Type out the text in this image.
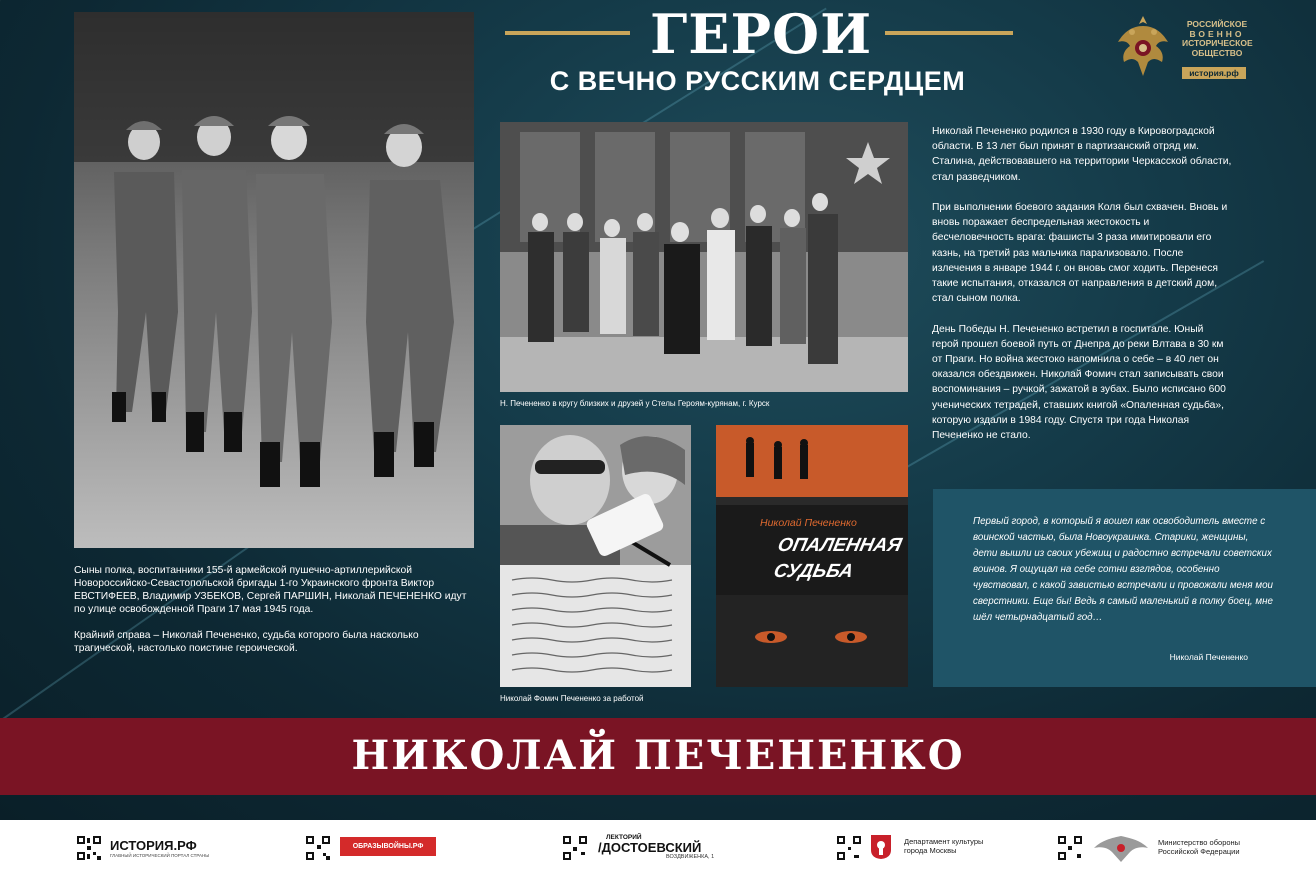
ГЕРОИ
С ВЕЧНО РУССКИМ СЕРДЦЕМ
РОССИЙСКОЕ
ВОЕННО
ИСТОРИЧЕСКОЕ
ОБЩЕСТВО
история.рф

Сыны полка, воспитанники 155-й армейской пушечно-артиллерийской Новороссийско-Севастопольской бригады 1-го Украинского фронта Виктор ЕВСТИФЕЕВ, Владимир УЗБЕКОВ, Сергей ПАРШИН, Николай ПЕЧЕНЕНКО идут по улице освобожденной Праги 17 мая 1945 года.

Крайний справа – Николай Печененко, судьба которого была насколько трагической, настолько поистине героической.

Н. Печененко в кругу близких и друзей у Стелы Героям-курянам, г. Курск
Николай Фомич Печененко за работой
Николай Печененко
ОПАЛЕННАЯ
СУДЬБА

Николай Печененко родился в 1930 году в Кировоградской области. В 13 лет был принят в партизанский отряд им. Сталина, действовавшего на территории Черкасской области, стал разведчиком.

При выполнении боевого задания Коля был схвачен. Вновь и вновь поражает беспредельная жестокость и бесчеловечность врага: фашисты 3 раза имитировали его казнь, на третий раз мальчика парализовало. После излечения в январе 1944 г. он вновь смог ходить. Перенеся такие испытания, отказался от направления в детский дом, стал сыном полка.

День Победы Н. Печененко встретил в госпитале. Юный герой прошел боевой путь от Днепра до реки Влтава в 30 км от Праги. Но война жестоко напомнила о себе – в 40 лет он оказался обездвижен. Николай Фомич стал записывать свои воспоминания – ручкой, зажатой в зубах. Было исписано 600 ученических тетрадей, ставших книгой «Опаленная судьба», которую издали в 1984 году. Спустя три года Николая Печененко не стало.

Первый город, в который я вошел как освободитель вместе с воинской частью, была Новоукраинка. Старики, женщины, дети вышли из своих убежищ и радостно встречали советских воинов. Я ощущал на себе сотни взглядов, особенно чувствовал, с какой завистью встречали и провожали меня мои сверстники. Еще бы! Ведь я самый маленький в полку боец, мне шёл четырнадцатый год…
Николай Печененко
НИКОЛАЙ ПЕЧЕНЕНКО
ИСТОРИЯ.РФ
ГЛАВНЫЙ ИСТОРИЧЕСКИЙ ПОРТАЛ СТРАНЫ
ОБРАЗЫВОЙНЫ.РФ
ЛЕКТОРИЙ
/ДОСТОЕВСКИЙ
ВОЗДВИЖЕНКА, 1
Департамент культуры
города Москвы
Министерство обороны
Российской Федерации
